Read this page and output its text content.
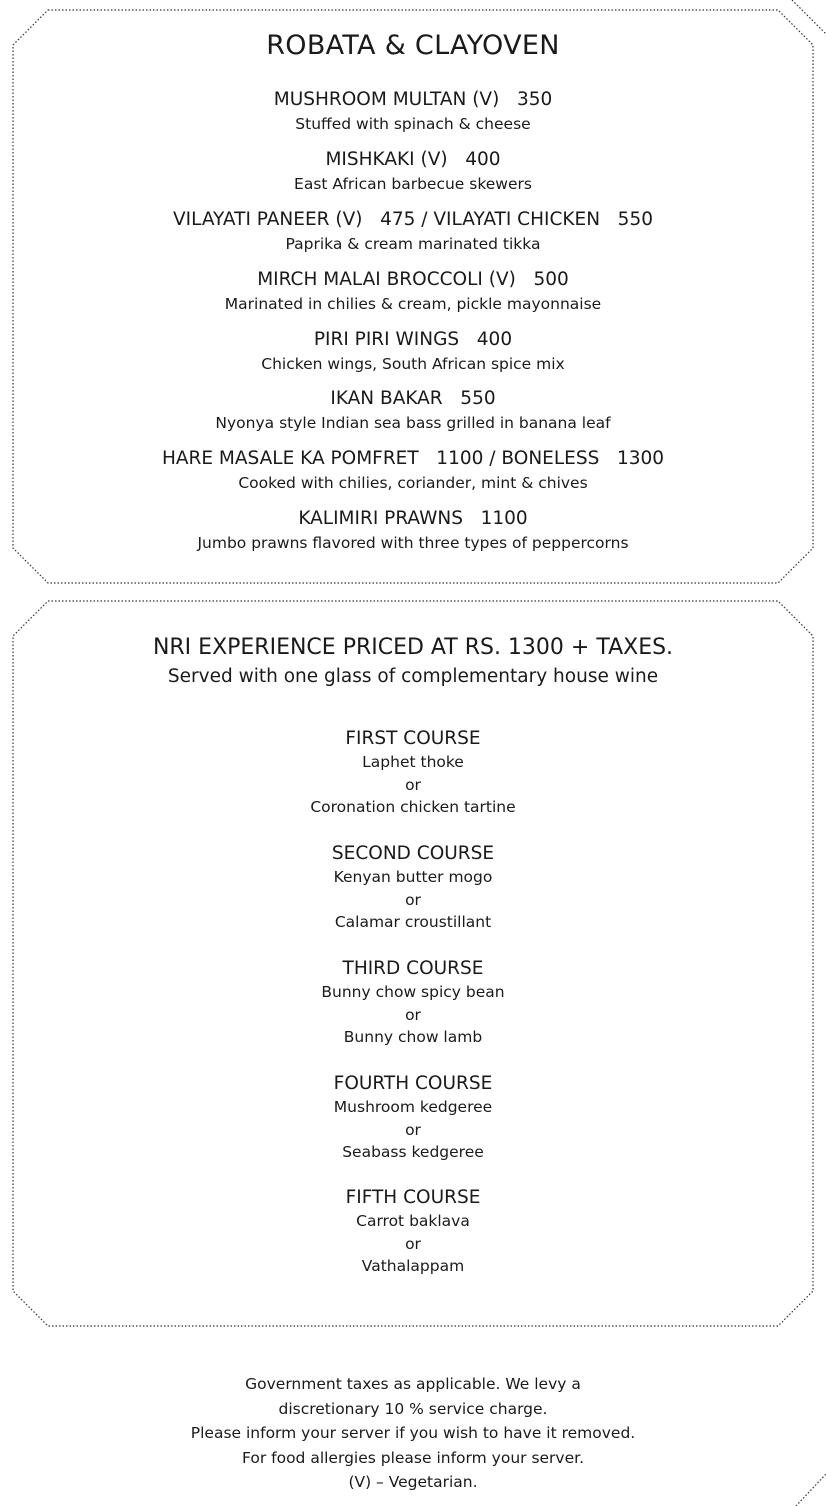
ROBATA & CLAYOVEN
MUSHROOM MULTAN (V)   350
Stuffed with spinach & cheese
MISHKAKI (V)   400
East African barbecue skewers
VILAYATI PANEER (V)   475 / VILAYATI CHICKEN   550
Paprika & cream marinated tikka
MIRCH MALAI BROCCOLI (V)   500
Marinated in chilies & cream, pickle mayonnaise
PIRI PIRI WINGS   400
Chicken wings, South African spice mix
IKAN BAKAR   550
Nyonya style Indian sea bass grilled in banana leaf
HARE MASALE KA POMFRET   1100 / BONELESS   1300
Cooked with chilies, coriander, mint & chives
KALIMIRI PRAWNS   1100
Jumbo prawns flavored with three types of peppercorns
NRI EXPERIENCE PRICED AT RS. 1300 + TAXES.
Served with one glass of complementary house wine
FIRST COURSE
Laphet thoke
or
Coronation chicken tartine
SECOND COURSE
Kenyan butter mogo
or
Calamar croustillant
THIRD COURSE
Bunny chow spicy bean
or
Bunny chow lamb
FOURTH COURSE
Mushroom kedgeree
or
Seabass kedgeree
FIFTH COURSE
Carrot baklava
or
Vathalappam
Government taxes as applicable. We levy a
discretionary 10 % service charge.
Please inform your server if you wish to have it removed.
For food allergies please inform your server.
(V) – Vegetarian.
